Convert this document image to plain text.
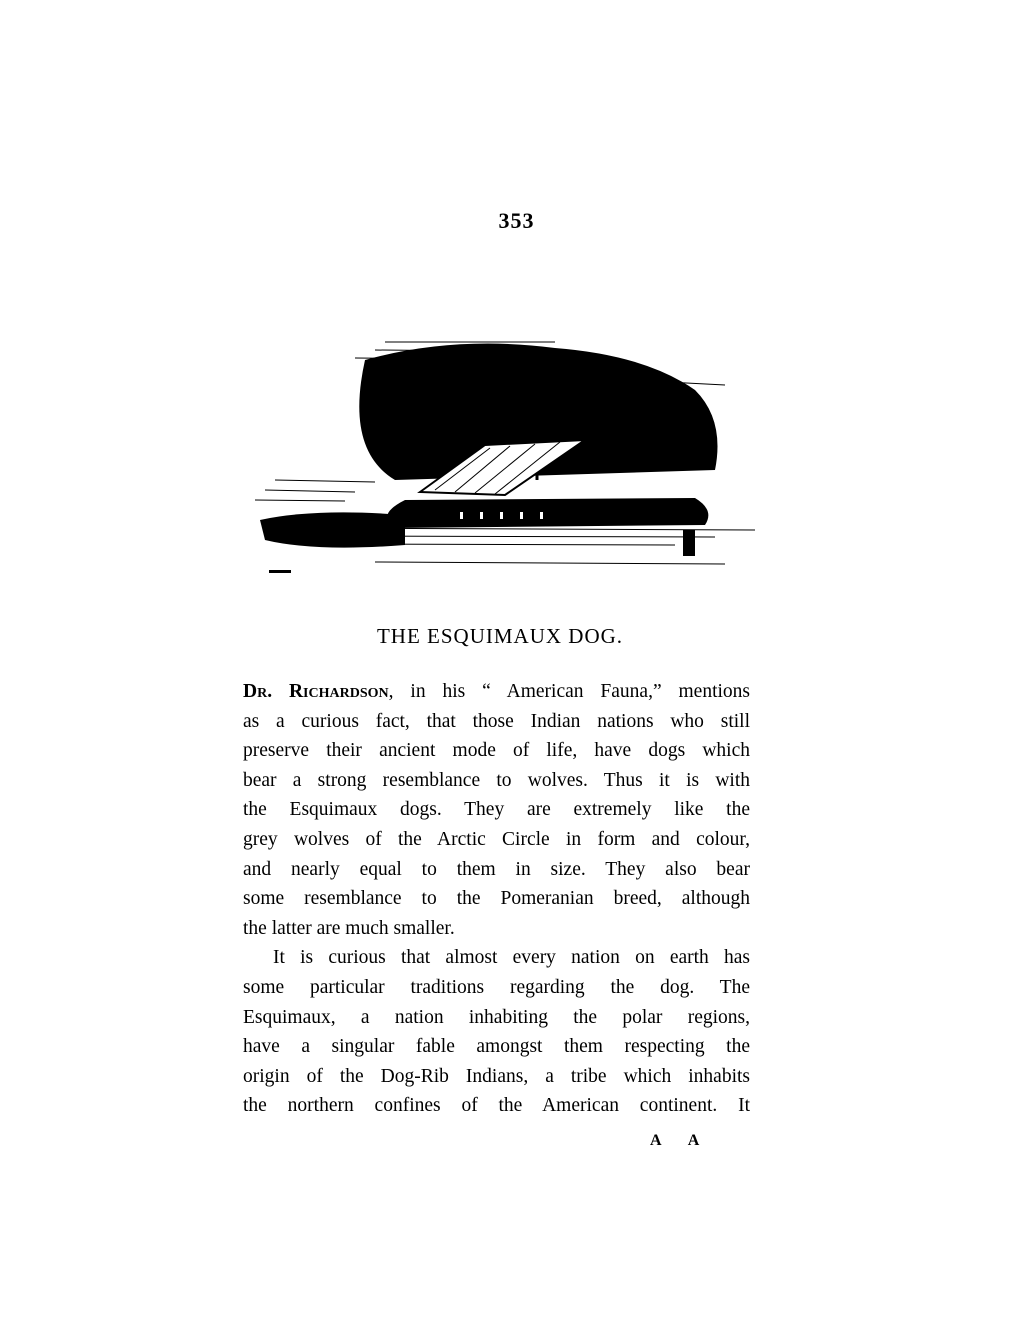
353
THE ESQUIMAUX DOG.
Dr. Richardson, in his “ American Fauna,” mentions
as a curious fact, that those Indian nations who still
preserve their ancient mode of life, have dogs which
bear a strong resemblance to wolves. Thus it is with
the Esquimaux dogs. They are extremely like the
grey wolves of the Arctic Circle in form and colour,
and nearly equal to them in size. They also bear
some resemblance to the Pomeranian breed, although
the latter are much smaller.
It is curious that almost every nation on earth has
some particular traditions regarding the dog. The
Esquimaux, a nation inhabiting the polar regions,
have a singular fable amongst them respecting the
origin of the Dog-Rib Indians, a tribe which inhabits
the northern confines of the American continent. It
A A
